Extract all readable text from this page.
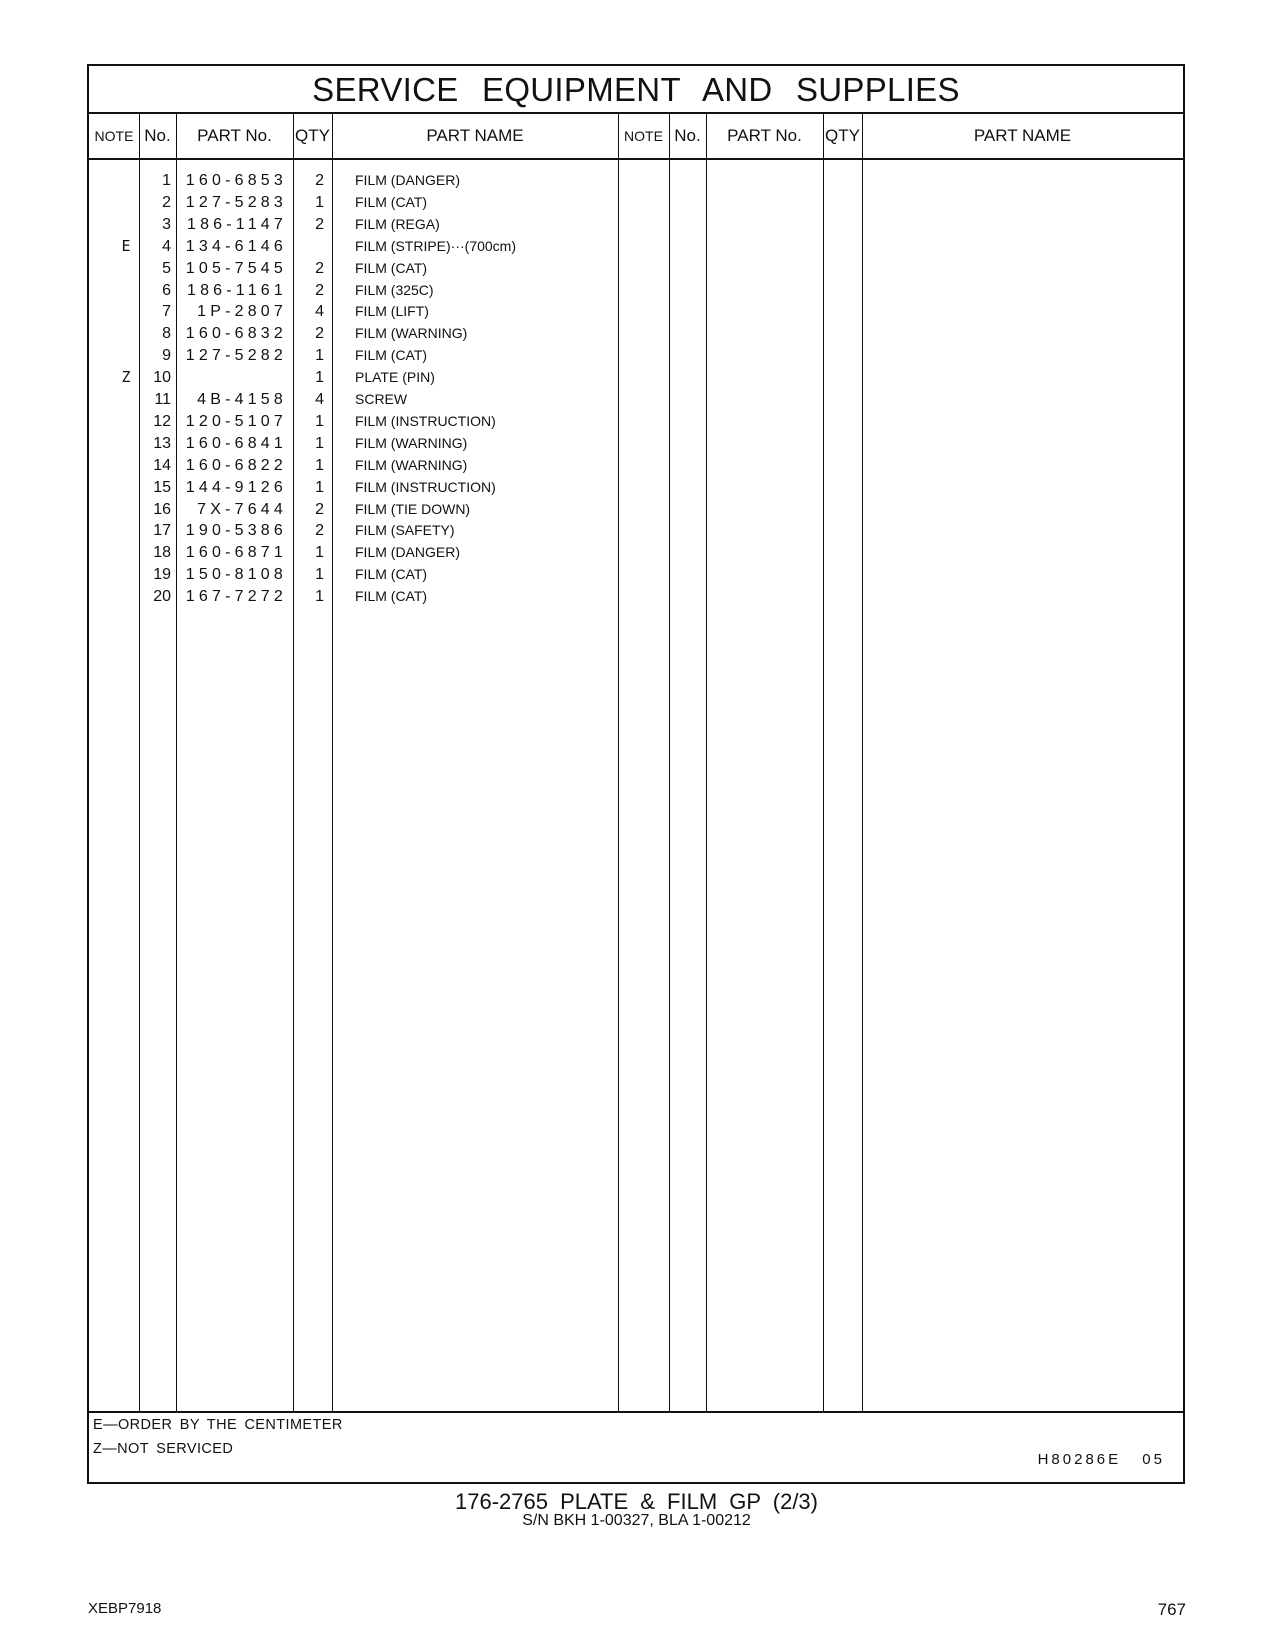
SERVICE EQUIPMENT AND SUPPLIES
NOTE No.	PART No.	QTY	PART NAME	NOTE No.	PART No.	QTY	PART NAME
1 160-6853	2 FILM (DANGER)
2 127-5283	1 FILM (CAT)
3 186-1147	2 FILM (REGA)
E	4 134-6146	FILM (STRIPE)···(700cm)
5 105-7545	2 FILM (CAT)
6 186-1161	2 FILM (325C)
7	1P-2807	4 FILM (LIFT)
8 160-6832	2 FILM (WARNING)
9 127-5282	1 FILM (CAT)
Z	10	1 PLATE (PIN)
11	4B-4158	4 SCREW
12 120-5107	1 FILM (INSTRUCTION)
13 160-6841	1 FILM (WARNING)
14 160-6822	1 FILM (WARNING)
15 144-9126	1 FILM (INSTRUCTION)
16	7X-7644	2 FILM (TIE DOWN)
17 190-5386	2 FILM (SAFETY)
18 160-6871	1 FILM (DANGER)
19 150-8108	1 FILM (CAT)
20 167-7272	1 FILM (CAT)
E—ORDER BY THE CENTIMETER
Z—NOT SERVICED
H80286E 05
176-2765 PLATE & FILM GP (2/3)
S/N BKH 1-00327, BLA 1-00212
XEBP7918	767
